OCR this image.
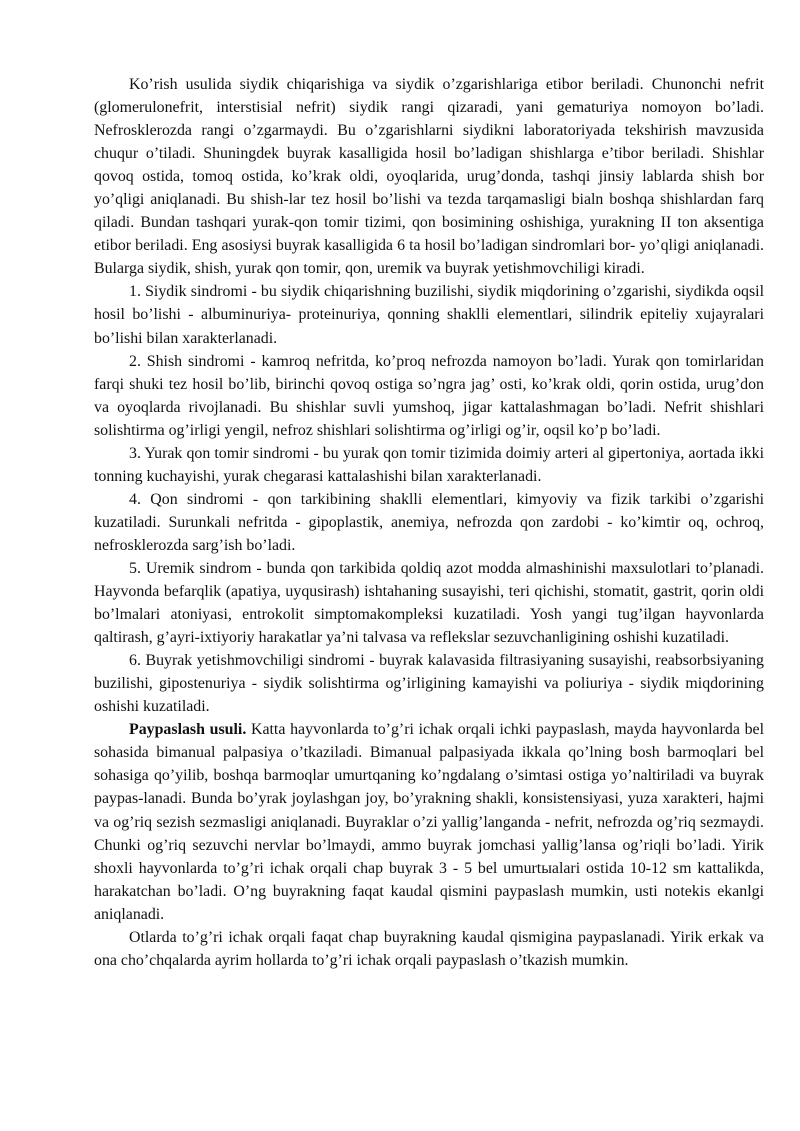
Ko’rish usulida siydik chiqarishiga va siydik o’zgarishlariga etibor beriladi. Chunonchi nefrit (glomerulonefrit, interstisial nefrit) siydik rangi qizaradi, yani gematuriya nomoyon bo’ladi. Nefrosklerozda rangi o’zgarmaydi. Bu o’zgarishlarni siydikni laboratoriyada tekshirish mavzusida chuqur o’tiladi. Shuningdek buyrak kasalligida hosil bo’ladigan shishlarga e’tibor beriladi. Shishlar qovoq ostida, tomoq ostida, ko’krak oldi, oyoqlarida, urug’donda, tashqi jinsiy lablarda shish bor yo’qligi aniqlanadi. Bu shish-lar tez hosil bo’lishi va tezda tarqamasligi bialn boshqa shishlardan farq qiladi. Bundan tashqari yurak-qon tomir tizimi, qon bosimining oshishiga, yurakning II ton aksentiga etibor beriladi. Eng asosiysi buyrak kasalligida 6 ta hosil bo’ladigan sindromlari bor- yo’qligi aniqlanadi. Bularga siydik, shish, yurak qon tomir, qon, uremik va buyrak yetishmovchiligi kiradi.

1. Siydik sindromi - bu siydik chiqarishning buzilishi, siydik miqdorining o’zgarishi, siydikda oqsil hosil bo’lishi - albuminuriya- proteinuriya, qonning shaklli elementlari, silindrik epiteliy xujayralari bo’lishi bilan xarakterlanadi.

2. Shish sindromi - kamroq nefritda, ko’proq nefrozda namoyon bo’ladi. Yurak qon tomirlaridan farqi shuki tez hosil bo’lib, birinchi qovoq ostiga so’ngra jag’ osti, ko’krak oldi, qorin ostida, urug’don va oyoqlarda rivojlanadi. Bu shishlar suvli yumshoq, jigar kattalashmagan bo’ladi. Nefrit shishlari solishtirma og’irligi yengil, nefroz shishlari solishtirma og’irligi og’ir, oqsil ko’p bo’ladi.

3. Yurak qon tomir sindromi - bu yurak qon tomir tizimida doimiy arteri al gipertoniya, aortada ikki tonning kuchayishi, yurak chegarasi kattalashishi bilan xarakterlanadi.

4. Qon sindromi - qon tarkibining shaklli elementlari, kimyoviy va fizik tarkibi o’zgarishi kuzatiladi. Surunkali nefritda - gipoplastik, anemiya, nefrozda qon zardobi - ko’kimtir oq, ochroq, nefrosklerozda sarg’ish bo’ladi.

5. Uremik sindrom - bunda qon tarkibida qoldiq azot modda almashinishi maxsulotlari to’planadi. Hayvonda befarqlik (apatiya, uyqusirash) ishtahaning susayishi, teri qichishi, stomatit, gastrit, qorin oldi bo’lmalari atoniyasi, entrokolit simptomakompleksi kuzatiladi. Yosh yangi tug’ilgan hayvonlarda qaltirash, g’ayri-ixtiyoriy harakatlar ya’ni talvasa va reflekslar sezuvchanligining oshishi kuzatiladi.

6. Buyrak yetishmovchiligi sindromi - buyrak kalavasida filtrasiyaning susayishi, reabsorbsiyaning buzilishi, gipostenuriya - siydik solishtirma og’irligining kamayishi va poliuriya - siydik miqdorining oshishi kuzatiladi.

Paypaslash usuli. Katta hayvonlarda to’g’ri ichak orqali ichki paypaslash, mayda hayvonlarda bel sohasida bimanual palpasiya o’tkaziladi. Bimanual palpasiyada ikkala qo’lning bosh barmoqlari bel sohasiga qo’yilib, boshqa barmoqlar umurtqaning ko’ngdalang o’simtasi ostiga yo’naltiriladi va buyrak paypas-lanadi. Bunda bo’yrak joylashgan joy, bo’yrakning shakli, konsistensiyasi, yuza xarakteri, hajmi va og’riq sezish sezmasligi aniqlanadi. Buyraklar o’zi yallig’langanda - nefrit, nefrozda og’riq sezmaydi. Chunki og’riq sezuvchi nervlar bo’lmaydi, ammo buyrak jomchasi yallig’lansa og’riqli bo’ladi. Yirik shoxli hayvonlarda to’g’ri ichak orqali chap buyrak 3 - 5 bel umurtыalari ostida 10-12 sm kattalikda, harakatchan bo’ladi. O’ng buyrakning faqat kaudal qismini paypaslash mumkin, usti notekis ekanlgi aniqlanadi.

Otlarda to’g’ri ichak orqali faqat chap buyrakning kaudal qismigina paypaslanadi. Yirik erkak va ona cho’chqalarda ayrim hollarda to’g’ri ichak orqali paypaslash o’tkazish mumkin.
